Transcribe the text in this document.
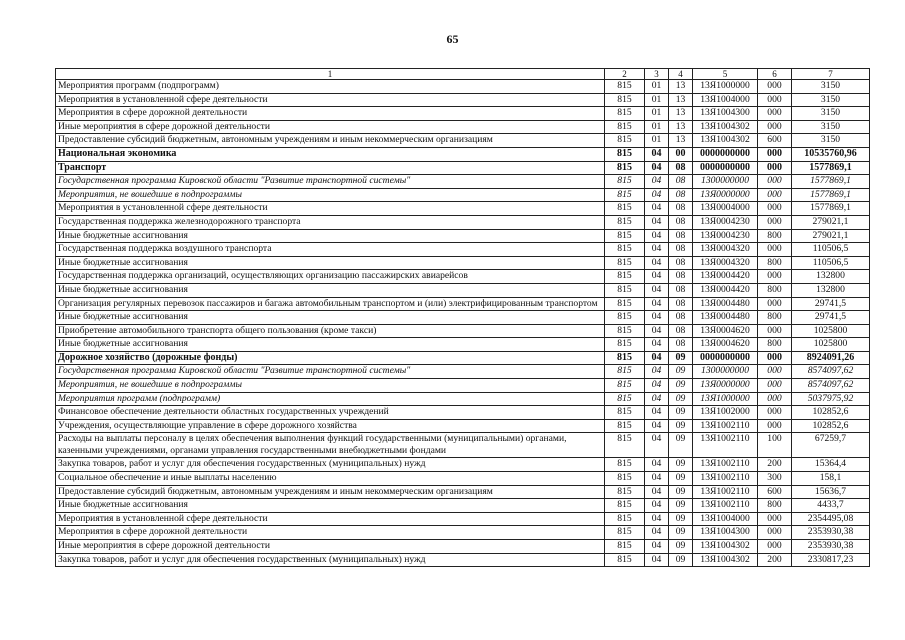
65
1	2	3	4	5	6	7
Мероприятия программ (подпрограмм)	815	01	13	13Я1000000	000	3150
Мероприятия в установленной сфере деятельности	815	01	13	13Я1004000	000	3150
Мероприятия в сфере дорожной деятельности	815	01	13	13Я1004300	000	3150
Иные мероприятия в сфере дорожной деятельности	815	01	13	13Я1004302	000	3150
Предоставление субсидий бюджетным, автономным учреждениям и иным некоммерческим организациям	815	01	13	13Я1004302	600	3150
Национальная экономика	815	04	00	0000000000	000	10535760,96
Транспорт	815	04	08	0000000000	000	1577869,1
Государственная программа Кировской области "Развитие транспортной системы"	815	04	08	1300000000	000	1577869,1
Мероприятия, не вошедшие в подпрограммы	815	04	08	13Я0000000	000	1577869,1
Мероприятия в установленной сфере деятельности	815	04	08	13Я0004000	000	1577869,1
Государственная поддержка железнодорожного транспорта	815	04	08	13Я0004230	000	279021,1
Иные бюджетные ассигнования	815	04	08	13Я0004230	800	279021,1
Государственная поддержка воздушного транспорта	815	04	08	13Я0004320	000	110506,5
Иные бюджетные ассигнования	815	04	08	13Я0004320	800	110506,5
Государственная поддержка организаций, осуществляющих организацию пассажирских авиарейсов	815	04	08	13Я0004420	000	132800
Иные бюджетные ассигнования	815	04	08	13Я0004420	800	132800
Организация регулярных перевозок пассажиров и багажа автомобильным транспортом и (или) электрифицированным транспортом	815	04	08	13Я0004480	000	29741,5
Иные бюджетные ассигнования	815	04	08	13Я0004480	800	29741,5
Приобретение автомобильного транспорта общего пользования (кроме такси)	815	04	08	13Я0004620	000	1025800
Иные бюджетные ассигнования	815	04	08	13Я0004620	800	1025800
Дорожное хозяйство (дорожные фонды)	815	04	09	0000000000	000	8924091,26
Государственная программа Кировской области "Развитие транспортной системы"	815	04	09	1300000000	000	8574097,62
Мероприятия, не вошедшие в подпрограммы	815	04	09	13Я0000000	000	8574097,62
Мероприятия программ (подпрограмм)	815	04	09	13Я1000000	000	5037975,92
Финансовое обеспечение деятельности областных государственных учреждений	815	04	09	13Я1002000	000	102852,6
Учреждения, осуществляющие управление в сфере дорожного хозяйства	815	04	09	13Я1002110	000	102852,6
Расходы на выплаты персоналу в целях обеспечения выполнения функций государственными (муниципальными) органами, казенными учреждениями, органами управления государственными внебюджетными фондами	815	04	09	13Я1002110	100	67259,7
Закупка товаров, работ и услуг для обеспечения государственных (муниципальных) нужд	815	04	09	13Я1002110	200	15364,4
Социальное обеспечение и иные выплаты населению	815	04	09	13Я1002110	300	158,1
Предоставление субсидий бюджетным, автономным учреждениям и иным некоммерческим организациям	815	04	09	13Я1002110	600	15636,7
Иные бюджетные ассигнования	815	04	09	13Я1002110	800	4433,7
Мероприятия в установленной сфере деятельности	815	04	09	13Я1004000	000	2354495,08
Мероприятия в сфере дорожной деятельности	815	04	09	13Я1004300	000	2353930,38
Иные мероприятия в сфере дорожной деятельности	815	04	09	13Я1004302	000	2353930,38
Закупка товаров, работ и услуг для обеспечения государственных (муниципальных) нужд	815	04	09	13Я1004302	200	2330817,23
